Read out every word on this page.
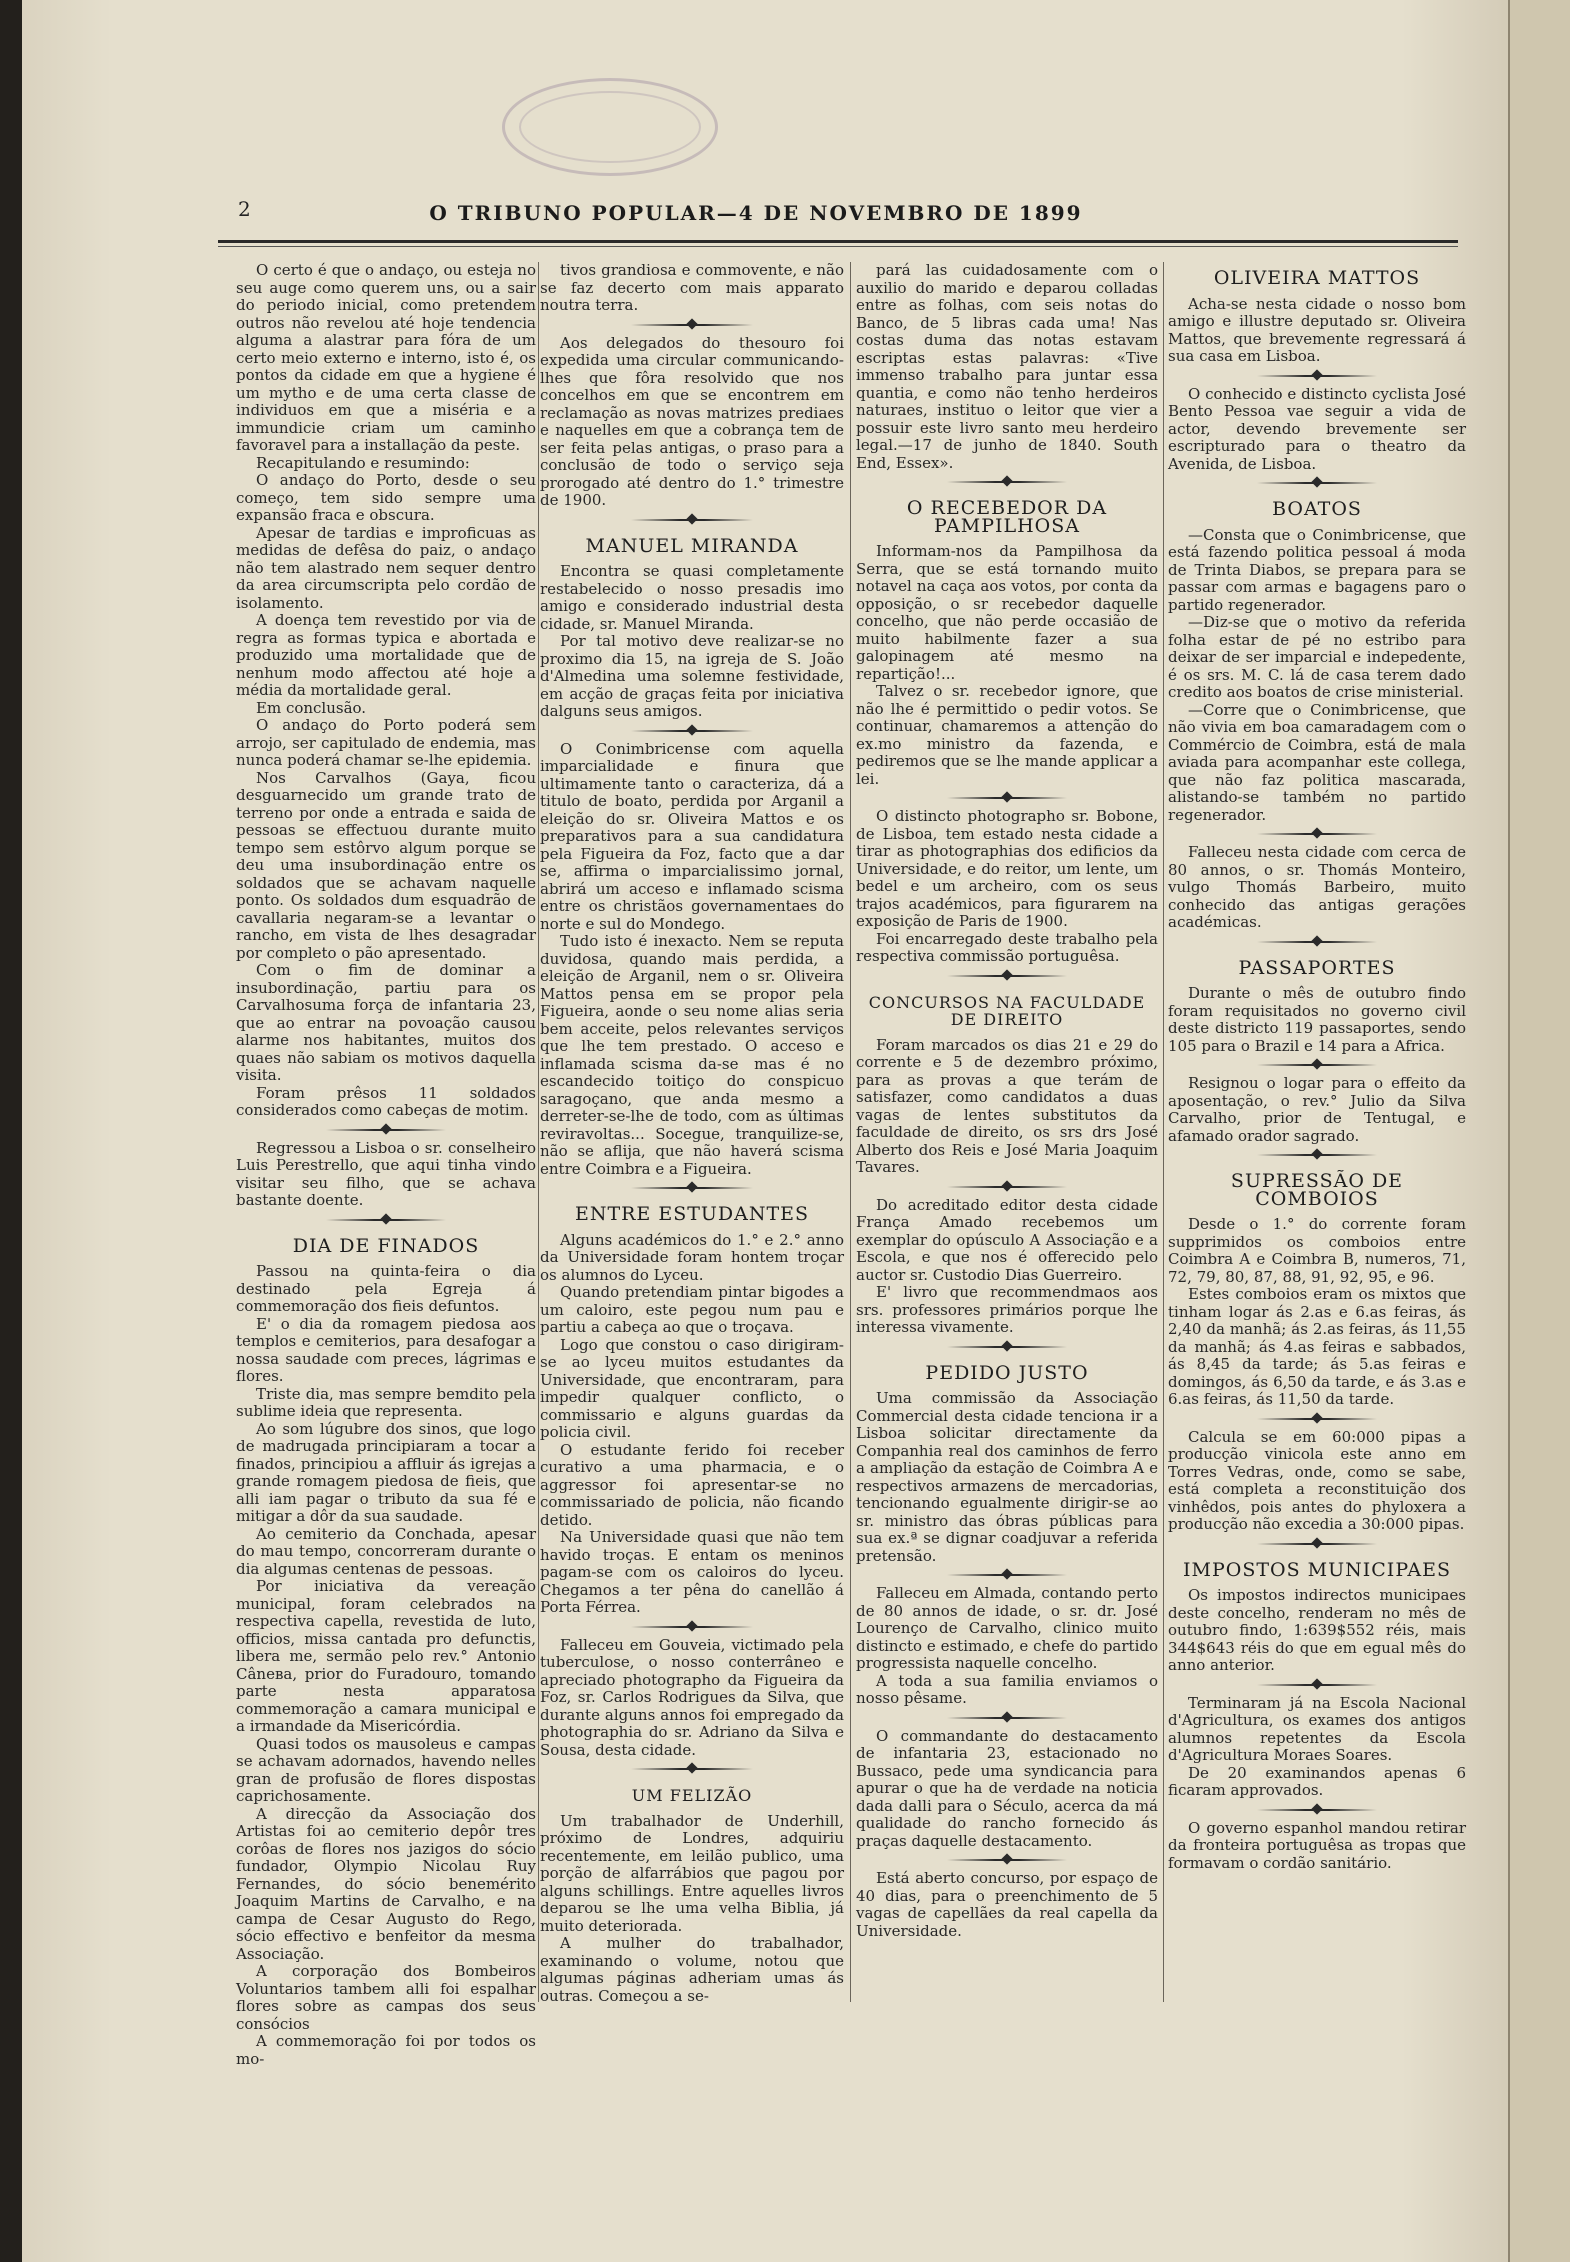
2	O TRIBUNO POPULAR—4 DE NOVEMBRO DE 1899

O certo é que o andaço, ou esteja no seu auge como querem uns, ou a sair do periodo inicial, como pretendem outros não revelou até hoje tendencia alguma a alastrar para fóra de um certo meio externo e interno, isto é, os pontos da cidade em que a hygiene é um mytho e de uma certa classe de individuos em que a miséria e a immundicie criam um caminho favoravel para a installação da peste.

Recapitulando e resumindo:

O andaço do Porto, desde o seu começo, tem sido sempre uma expansão fraca e obscura.

Apesar de tardias e improficuas as medidas de defêsa do paiz, o andaço não tem alastrado nem sequer dentro da area circumscripta pelo cordão de isolamento.

A doença tem revestido por via de regra as formas typica e abortada e produzido uma mortalidade que de nenhum modo affectou até hoje a média da mortalidade geral.

Em conclusão.

O andaço do Porto poderá sem arrojo, ser capitulado de endemia, mas nunca poderá chamar se-lhe epidemia.

Nos Carvalhos (Gaya, ficou desguarnecido um grande trato de terreno por onde a entrada e saida de pessoas se effectuou durante muito tempo sem estôrvo algum porque se deu uma insubordinação entre os soldados que se achavam naquelle ponto. Os soldados dum esquadrão de cavallaria negaram-se a levantar o rancho, em vista de lhes desagradar por completo o pão apresentado.

Com o fim de dominar a insubordinação, partiu para os Carvalhosuma força de infantaria 23, que ao entrar na povoação causou alarme nos habitantes, muitos dos quaes não sabiam os motivos daquella visita.

Foram prêsos 11 soldados considerados como cabeças de motim.

Regressou a Lisboa o sr. conselheiro Luis Perestrello, que aqui tinha vindo visitar seu filho, que se achava bastante doente.

DIA DE FINADOS

Passou na quinta-feira o dia destinado pela Egreja á commemoração dos fieis defuntos.

E' o dia da romagem piedosa aos templos e cemiterios, para desafogar a nossa saudade com preces, lágrimas e flores.

Triste dia, mas sempre bemdito pela sublime ideia que representa.

Ao som lúgubre dos sinos, que logo de madrugada principiaram a tocar a finados, principiou a affluir ás igrejas a grande romagem piedosa de fieis, que alli iam pagar o tributo da sua fé e mitigar a dôr da sua saudade.

Ao cemiterio da Conchada, apesar do mau tempo, concorreram durante o dia algumas centenas de pessoas.

Por iniciativa da vereação municipal, foram celebrados na respectiva capella, revestida de luto, officios, missa cantada pro defunctis, libera me, sermão pelo rev.° Antonio Cânева, prior do Furadouro, tomando parte nesta apparatosa commemoração a camara municipal e a irmandade da Misericórdia.

Quasi todos os mausoleus e campas se achavam adornados, havendo nelles gran de profusão de flores dispostas caprichosamente.

A direcção da Associação dos Artistas foi ao cemiterio depôr tres corôas de flores nos jazigos do sócio fundador, Olympio Nicolau Ruy Fernandes, do sócio benemérito Joaquim Martins de Carvalho, e na campa de Cesar Augusto do Rego, sócio effectivo e benfeitor da mesma Associação.

A corporação dos Bombeiros Voluntarios tambem alli foi espalhar flores sobre as campas dos seus consócios

A commemoração foi por todos os mo-

tivos grandiosa e commovente, e não se faz decerto com mais apparato noutra terra.

Aos delegados do thesouro foi expedida uma circular communicando-lhes que fôra resolvido que nos concelhos em que se encontrem em reclamação as novas matrizes prediaes e naquelles em que a cobrança tem de ser feita pelas antigas, o praso para a conclusão de todo o serviço seja prorogado até dentro do 1.° trimestre de 1900.

MANUEL MIRANDA

Encontra se quasi completamente restabelecido o nosso presadis imo amigo e considerado industrial desta cidade, sr. Manuel Miranda.

Por tal motivo deve realizar-se no proximo dia 15, na igreja de S. João d'Almedina uma solemne festividade, em acção de graças feita por iniciativa dalguns seus amigos.

O Conimbricense com aquella imparcialidade e finura que ultimamente tanto o caracteriza, dá a titulo de boato, perdida por Arganil a eleição do sr. Oliveira Mattos e os preparativos para a sua candidatura pela Figueira da Foz, facto que a dar se, affirma o imparcialissimo jornal, abrirá um acceso e inflamado scisma entre os christãos governamentaes do norte e sul do Mondego.

Tudo isto é inexacto. Nem se reputa duvidosa, quando mais perdida, a eleição de Arganil, nem o sr. Oliveira Mattos pensa em se propor pela Figueira, aonde o seu nome alias seria bem acceite, pelos relevantes serviços que lhe tem prestado. O acceso e inflamada scisma da-se mas é no escandecido toitiço do conspicuo saragoçano, que anda mesmo a derreter-se-lhe de todo, com as últimas reviravoltas... Socegue, tranquilize-se, não se aflija, que não haverá scisma entre Coimbra e a Figueira.

ENTRE ESTUDANTES

Alguns académicos do 1.° e 2.° anno da Universidade foram hontem troçar os alumnos do Lyceu.

Quando pretendiam pintar bigodes a um caloiro, este pegou num pau e partiu a cabeça ao que o troçava.

Logo que constou o caso dirigiram-se ao lyceu muitos estudantes da Universidade, que encontraram, para impedir qualquer conflicto, o commissario e alguns guardas da policia civil.

O estudante ferido foi receber curativo a uma pharmacia, e o aggressor foi apresentar-se no commissariado de policia, não ficando detido.

Na Universidade quasi que não tem havido troças. E entam os meninos pagam-se com os caloiros do lyceu. Chegamos a ter pêna do canellão á Porta Férrea.

Falleceu em Gouveia, victimado pela tuberculose, o nosso conterrâneo e apreciado photographo da Figueira da Foz, sr. Carlos Rodrigues da Silva, que durante alguns annos foi empregado da photographia do sr. Adriano da Silva e Sousa, desta cidade.

UM FELIZÃO

Um trabalhador de Underhill, próximo de Londres, adquiriu recentemente, em leilão publico, uma porção de alfarrábios que pagou por alguns schillings. Entre aquelles livros deparou se lhe uma velha Biblia, já muito deteriorada.

A mulher do trabalhador, examinando o volume, notou que algumas páginas adheriam umas ás outras. Começou a se-

pará las cuidadosamente com o auxilio do marido e deparou colladas entre as folhas, com seis notas do Banco, de 5 libras cada uma! Nas costas duma das notas estavam escriptas estas palavras: «Tive immenso trabalho para juntar essa quantia, e como não tenho herdeiros naturaes, instituo o leitor que vier a possuir este livro santo meu herdeiro legal.—17 de junho de 1840. South End, Essex».

O RECEBEDOR DA PAMPILHOSA

Informam-nos da Pampilhosa da Serra, que se está tornando muito notavel na caça aos votos, por conta da opposição, o sr recebedor daquelle concelho, que não perde occasião de muito habilmente fazer a sua galopinagem até mesmo na repartição!...

Talvez o sr. recebedor ignore, que não lhe é permittido o pedir votos. Se continuar, chamaremos a attenção do ex.mo ministro da fazenda, e pediremos que se lhe mande applicar a lei.

O distincto photographo sr. Bobone, de Lisboa, tem estado nesta cidade a tirar as photographias dos edificios da Universidade, e do reitor, um lente, um bedel e um archeiro, com os seus trajos académicos, para figurarem na exposição de Paris de 1900.

Foi encarregado deste trabalho pela respectiva commissão portuguêsa.

CONCURSOS NA FACULDADE DE DIREITO

Foram marcados os dias 21 e 29 do corrente e 5 de dezembro próximo, para as provas a que terám de satisfazer, como candidatos a duas vagas de lentes substitutos da faculdade de direito, os srs drs José Alberto dos Reis e José Maria Joaquim Tavares.

Do acreditado editor desta cidade França Amado recebemos um exemplar do opúsculo A Associação e a Escola, e que nos é offerecido pelo auctor sr. Custodio Dias Guerreiro.

E' livro que recommendmaos aos srs. professores primários porque lhe interessa vivamente.

PEDIDO JUSTO

Uma commissão da Associação Commercial desta cidade tenciona ir a Lisboa solicitar directamente da Companhia real dos caminhos de ferro a ampliação da estação de Coimbra A e respectivos armazens de mercadorias, tencionando egualmente dirigir-se ao sr. ministro das óbras públicas para sua ex.ª se dignar coadjuvar a referida pretensão.

Falleceu em Almada, contando perto de 80 annos de idade, o sr. dr. José Lourenço de Carvalho, clinico muito distincto e estimado, e chefe do partido progressista naquelle concelho.

A toda a sua familia enviamos o nosso pêsame.

O commandante do destacamento de infantaria 23, estacionado no Bussaco, pede uma syndicancia para apurar o que ha de verdade na noticia dada dalli para o Século, acerca da má qualidade do rancho fornecido ás praças daquelle destacamento.

Está aberto concurso, por espaço de 40 dias, para o preenchimento de 5 vagas de capellães da real capella da Universidade.

OLIVEIRA MATTOS

Acha-se nesta cidade o nosso bom amigo e illustre deputado sr. Oliveira Mattos, que brevemente regressará á sua casa em Lisboa.

O conhecido e distincto cyclista José Bento Pessoa vae seguir a vida de actor, devendo brevemente ser escripturado para o theatro da Avenida, de Lisboa.

BOATOS

—Consta que o Conimbricense, que está fazendo politica pessoal á moda de Trinta Diabos, se prepara para se passar com armas e bagagens paro o partido regenerador.

—Diz-se que o motivo da referida folha estar de pé no estribo para deixar de ser imparcial e indepedente, é os srs. M. C. lá de casa terem dado credito aos boatos de crise ministerial.

—Corre que o Conimbricense, que não vivia em boa camaradagem com o Commércio de Coimbra, está de mala aviada para acompanhar este collega, que não faz politica mascarada, alistando-se também no partido regenerador.

Falleceu nesta cidade com cerca de 80 annos, o sr. Thomás Monteiro, vulgo Thomás Barbeiro, muito conhecido das antigas gerações académicas.

PASSAPORTES

Durante o mês de outubro findo foram requisitados no governo civil deste districto 119 passaportes, sendo 105 para o Brazil e 14 para a Africa.

Resignou o logar para o effeito da aposentação, o rev.° Julio da Silva Carvalho, prior de Tentugal, e afamado orador sagrado.

SUPRESSÃO DE COMBOIOS

Desde o 1.° do corrente foram supprimidos os comboios entre Coimbra A e Coimbra B, numeros, 71, 72, 79, 80, 87, 88, 91, 92, 95, e 96.

Estes comboios eram os mixtos que tinham logar ás 2.as e 6.as feiras, ás 2,40 da manhã; ás 2.as feiras, ás 11,55 da manhã; ás 4.as feiras e sabbados, ás 8,45 da tarde; ás 5.as feiras e domingos, ás 6,50 da tarde, e ás 3.as e 6.as feiras, ás 11,50 da tarde.

Calcula se em 60:000 pipas a producção vinicola este anno em Torres Vedras, onde, como se sabe, está completa a reconstituição dos vinhêdos, pois antes do phyloxera a producção não excedia a 30:000 pipas.

IMPOSTOS MUNICIPAES

Os impostos indirectos municipaes deste concelho, renderam no mês de outubro findo, 1:639$552 réis, mais 344$643 réis do que em egual mês do anno anterior.

Terminaram já na Escola Nacional d'Agricultura, os exames dos antigos alumnos repetentes da Escola d'Agricultura Moraes Soares.

De 20 examinandos apenas 6 ficaram approvados.

O governo espanhol mandou retirar da fronteira portuguêsa as tropas que formavam o cordão sanitário.
